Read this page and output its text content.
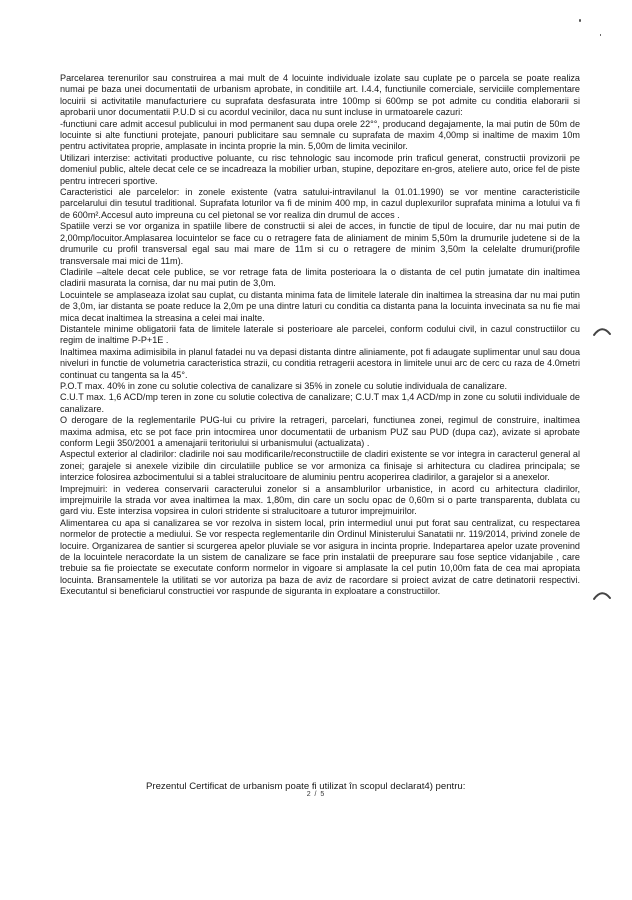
Parcelarea terenurilor sau construirea a mai mult de 4 locuinte individuale izolate sau cuplate pe o parcela se poate realiza numai pe baza unei documentatii de urbanism aprobate, in conditiile art. I.4.4, functiunile comerciale, serviciile complementare locuirii si activitatile manufacturiere cu suprafata desfasurata intre 100mp si 600mp se pot admite cu conditia elaborarii si aprobarii unor documentatii P.U.D si cu acordul vecinilor, daca nu sunt incluse in urmatoarele cazuri:

-functiuni care admit accesul publicului in mod permanent sau dupa orele 22°°, producand degajamente, la mai putin de 50m de locuinte si alte functiuni protejate, panouri publicitare sau semnale cu suprafata de maxim 4,00mp si inaltime de maxim 10m pentru activitatea proprie, amplasate in incinta proprie la min. 5,00m de limita vecinilor.

Utilizari interzise: activitati productive poluante, cu risc tehnologic sau incomode prin traficul generat, constructii provizorii pe domeniul public, altele decat cele ce se incadreaza la mobilier urban, stupine, depozitare en-gros, ateliere auto, orice fel de piste pentru intreceri sportive.

Caracteristici ale parcelelor: in zonele existente (vatra satului-intravilanul la 01.01.1990) se vor mentine caracteristicile parcelarului din tesutul traditional. Suprafata loturilor va fi de minim 400 mp, in cazul duplexurilor suprafata minima a lotului va fi de 600m².Accesul auto impreuna cu cel pietonal se vor realiza din drumul de acces .

Spatiile verzi se vor organiza in spatiile libere de constructii si alei de acces, in functie de tipul de locuire, dar nu mai putin de 2,00mp/locuitor.Amplasarea locuintelor se face cu o retragere fata de aliniament de minim 5,50m la drumurile judetene si de la drumurile cu profil transversal egal sau mai mare de 11m si cu o retragere de minim 3,50m la celelalte drumuri(profile transversale mai mici de 11m).

Cladirile –altele decat cele publice, se vor retrage fata de limita posterioara la o distanta de cel putin jumatate din inaltimea cladirii masurata la cornisa, dar nu mai putin de 3,0m.

Locuintele se amplaseaza izolat sau cuplat, cu distanta minima fata de limitele laterale din inaltimea la streasina dar nu mai putin de 3,0m, iar distanta se poate reduce la 2,0m pe una dintre laturi cu conditia ca distanta pana la locuinta invecinata sa nu fie mai mica decat inaltimea la streasina a celei mai inalte.

Distantele minime obligatorii fata de limitele laterale si posterioare ale parcelei, conform codului civil, in cazul constructiilor cu regim de inaltime P-P+1E .

Inaltimea maxima adimisibila in planul fatadei nu va depasi distanta dintre aliniamente, pot fi adaugate suplimentar unul sau doua niveluri in functie de volumetria caracteristica strazii, cu conditia retragerii acestora in limitele unui arc de cerc cu raza de 4.0metri continuat cu tangenta sa la 45°.

P.O.T max. 40% in zone cu solutie colectiva de canalizare si 35% in zonele cu solutie individuala de canalizare.

C.U.T max. 1,6 ACD/mp teren in zone cu solutie colectiva de canalizare; C.U.T max 1,4 ACD/mp in zone cu solutii individuale de canalizare.

O derogare de la reglementarile PUG-lui cu privire la retrageri, parcelari, functiunea zonei, regimul de construire, inaltimea maxima admisa, etc se pot face prin intocmirea unor documentatii de urbanism PUZ sau PUD (dupa caz), avizate si aprobate conform Legii 350/2001 a amenajarii teritoriului si urbanismului (actualizata) .

Aspectul exterior al cladirilor: cladirile noi sau modificarile/reconstructiile de cladiri existente se vor integra in caracterul general al zonei; garajele si anexele vizibile din circulatiile publice se vor armoniza ca finisaje si arhitectura cu cladirea principala; se interzice folosirea azbocimentului si a tablei stralucitoare de aluminiu pentru acoperirea cladirilor, a garajelor si a anexelor.

Imprejmuiri: in vederea conservarii caracterului zonelor si a ansamblurilor urbanistice, in acord cu arhitectura cladirilor, imprejmuirile la strada vor avea inaltimea la max. 1,80m, din care un soclu opac de 0,60m si o parte transparenta, dublata cu gard viu. Este interzisa vopsirea in culori stridente si stralucitoare a tuturor imprejmuirilor.

Alimentarea cu apa si canalizarea se vor rezolva in sistem local, prin intermediul unui put forat sau centralizat, cu respectarea normelor de protectie a mediului. Se vor respecta reglementarile din Ordinul Ministerului Sanatatii nr. 119/2014, privind zonele de locuire. Organizarea de santier si scurgerea apelor pluviale se vor asigura in incinta proprie. Indepartarea apelor uzate provenind de la locuintele neracordate la un sistem de canalizare se face prin instalatii de preepurare sau fose septice vidanjabile , care trebuie sa fie proiectate se executate conform normelor in vigoare si amplasate la cel putin 10,00m fata de cea mai apropiata locuinta. Bransamentele la utilitati se vor autoriza pa baza de aviz de racordare si proiect avizat de catre detinatorii respectivi. Executantul si beneficiarul constructiei vor raspunde de siguranta in exploatare a constructiilor.

Prezentul Certificat de urbanism poate fi utilizat în scopul declarat4) pentru:
2 / 5
